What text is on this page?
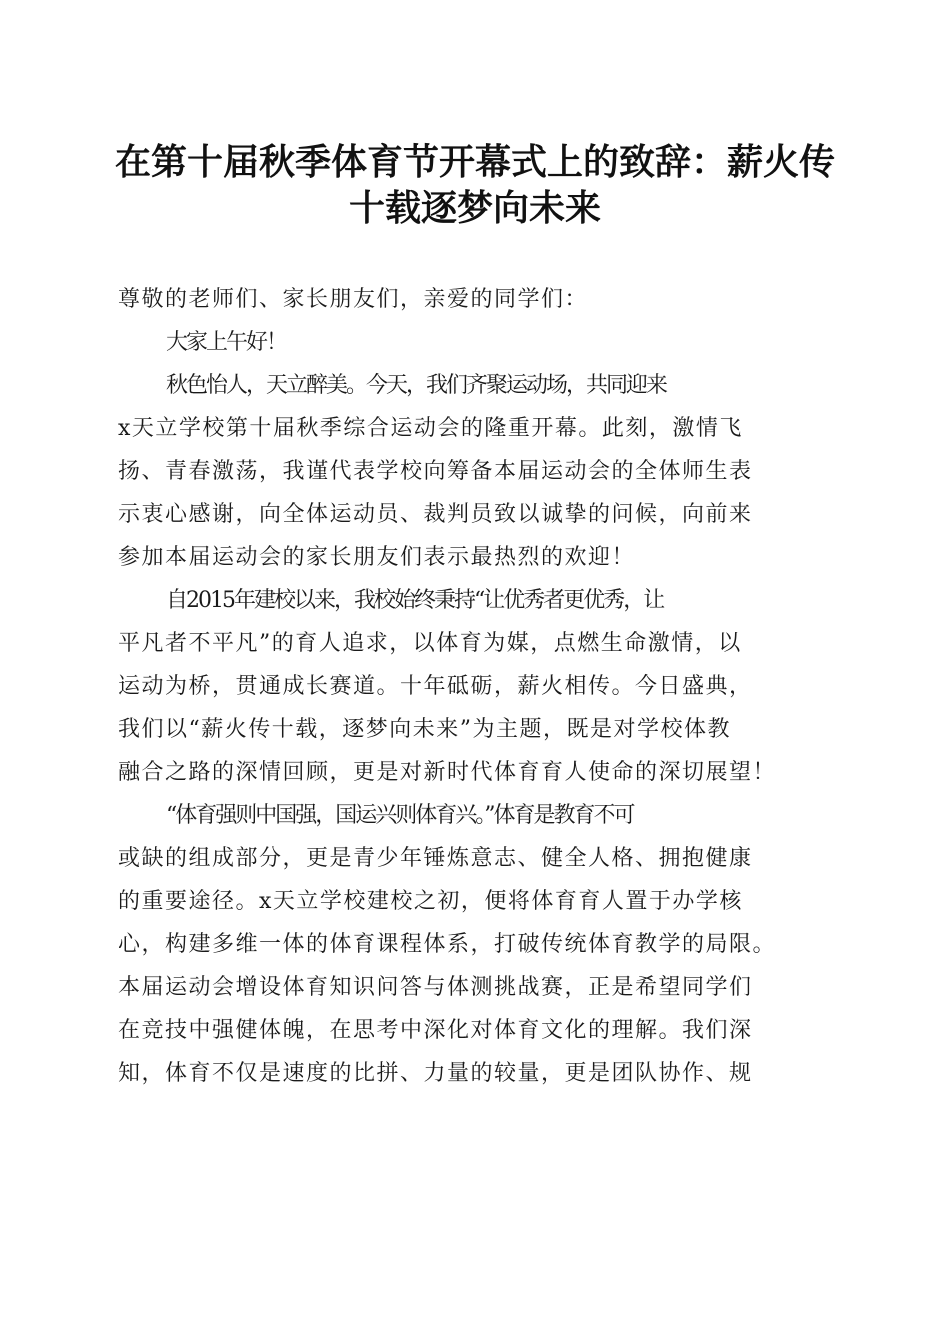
在第十届秋季体育节开幕式上的致辞：薪火传
十载逐梦向未来
尊敬的老师们、家长朋友们，亲爱的同学们：
大家上午好！
秋色怡人，天立醉美。今天，我们齐聚运动场，共同迎来
x天立学校第十届秋季综合运动会的隆重开幕。此刻，激情飞
扬、青春激荡，我谨代表学校向筹备本届运动会的全体师生表
示衷心感谢，向全体运动员、裁判员致以诚挚的问候，向前来
参加本届运动会的家长朋友们表示最热烈的欢迎！
自2015年建校以来，我校始终秉持“让优秀者更优秀，让
平凡者不平凡”的育人追求，以体育为媒，点燃生命激情，以
运动为桥，贯通成长赛道。十年砥砺，薪火相传。今日盛典，
我们以“薪火传十载，逐梦向未来”为主题，既是对学校体教
融合之路的深情回顾，更是对新时代体育育人使命的深切展望！
“体育强则中国强，国运兴则体育兴。”体育是教育不可
或缺的组成部分，更是青少年锤炼意志、健全人格、拥抱健康
的重要途径。x天立学校建校之初，便将体育育人置于办学核
心，构建多维一体的体育课程体系，打破传统体育教学的局限。
本届运动会增设体育知识问答与体测挑战赛，正是希望同学们
在竞技中强健体魄，在思考中深化对体育文化的理解。我们深
知，体育不仅是速度的比拼、力量的较量，更是团队协作、规
